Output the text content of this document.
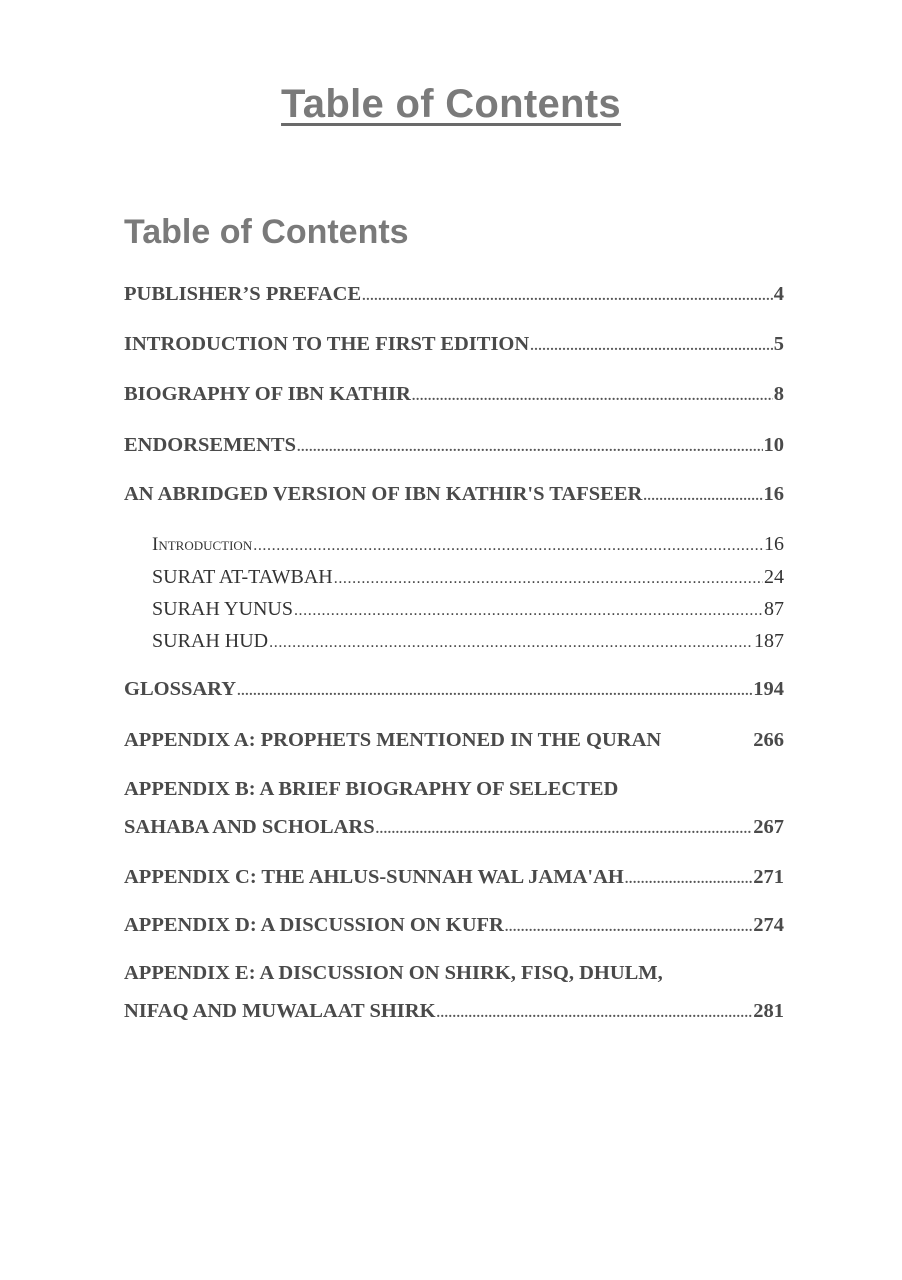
Table of Contents
Table of Contents
PUBLISHER’S PREFACE .....	4
INTRODUCTION TO THE FIRST EDITION .....	5
BIOGRAPHY OF IBN KATHIR .....	8
ENDORSEMENTS .....	10
AN ABRIDGED VERSION OF IBN KATHIR'S TAFSEER .....	16
Introduction .....	16
SURAT AT-TAWBAH .....	24
SURAH YUNUS .....	87
SURAH HUD .....	187
GLOSSARY .....	194
APPENDIX A: PROPHETS MENTIONED IN THE QURAN	266
APPENDIX B: A BRIEF BIOGRAPHY OF SELECTED
SAHABA AND SCHOLARS .....	267
APPENDIX C: THE AHLUS-SUNNAH WAL JAMA'AH .....	271
APPENDIX D: A DISCUSSION ON KUFR .....	274
APPENDIX E: A DISCUSSION ON SHIRK, FISQ, DHULM,
NIFAQ AND MUWALAAT SHIRK .....	281
